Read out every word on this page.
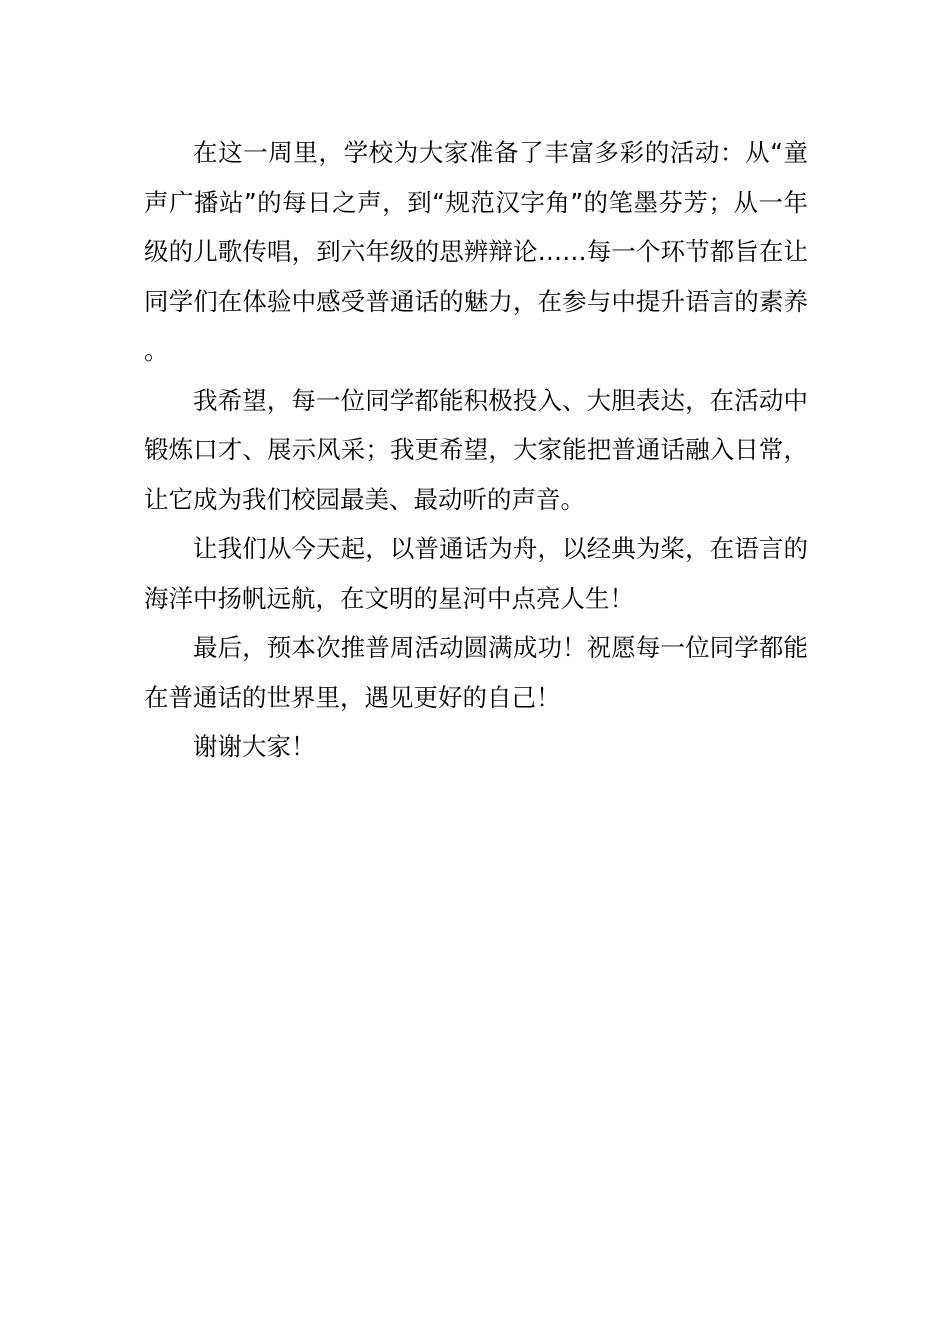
在这一周里，学校为大家准备了丰富多彩的活动：从“童声广播站”的每日之声，到“规范汉字角”的笔墨芬芳；从一年级的儿歌传唱，到六年级的思辨辩论……每一个环节都旨在让同学们在体验中感受普通话的魅力，在参与中提升语言的素养。

我希望，每一位同学都能积极投入、大胆表达，在活动中锻炼口才、展示风采；我更希望，大家能把普通话融入日常，让它成为我们校园最美、最动听的声音。

让我们从今天起，以普通话为舟，以经典为桨，在语言的海洋中扬帆远航，在文明的星河中点亮人生！

最后，预本次推普周活动圆满成功！祝愿每一位同学都能在普通话的世界里，遇见更好的自己！

谢谢大家！
